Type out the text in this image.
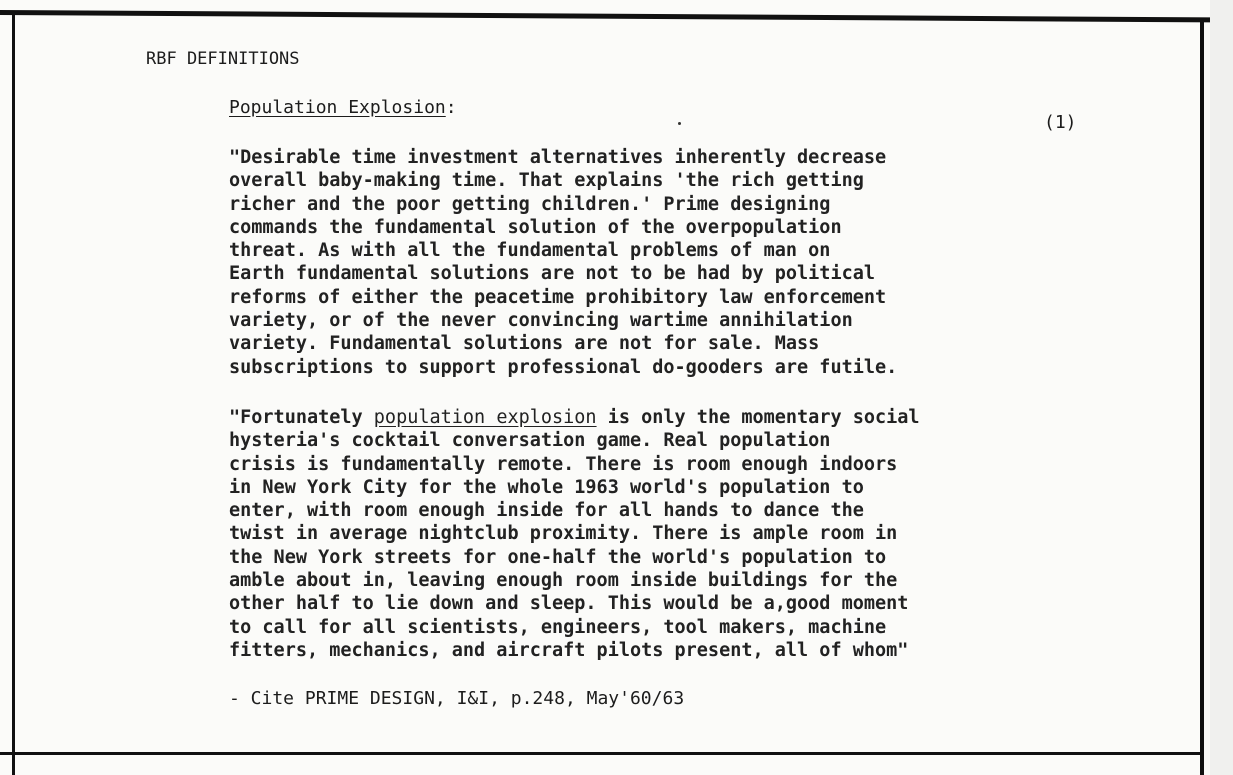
RBF DEFINITIONS
Population Explosion:
(1)
"Desirable time investment alternatives inherently decrease
overall baby-making time. That explains 'the rich getting
richer and the poor getting children.' Prime designing
commands the fundamental solution of the overpopulation
threat. As with all the fundamental problems of man on
Earth fundamental solutions are not to be had by political
reforms of either the peacetime prohibitory law enforcement
variety, or of the never convincing wartime annihilation
variety. Fundamental solutions are not for sale. Mass
subscriptions to support professional do-gooders are futile.
"Fortunately population explosion is only the momentary social
hysteria's cocktail conversation game. Real population
crisis is fundamentally remote. There is room enough indoors
in New York City for the whole 1963 world's population to
enter, with room enough inside for all hands to dance the
twist in average nightclub proximity. There is ample room in
the New York streets for one-half the world's population to
amble about in, leaving enough room inside buildings for the
other half to lie down and sleep. This would be a,good moment
to call for all scientists, engineers, tool makers, machine
fitters, mechanics, and aircraft pilots present, all of whom"
- Cite PRIME DESIGN, I&I, p.248, May'60/63
